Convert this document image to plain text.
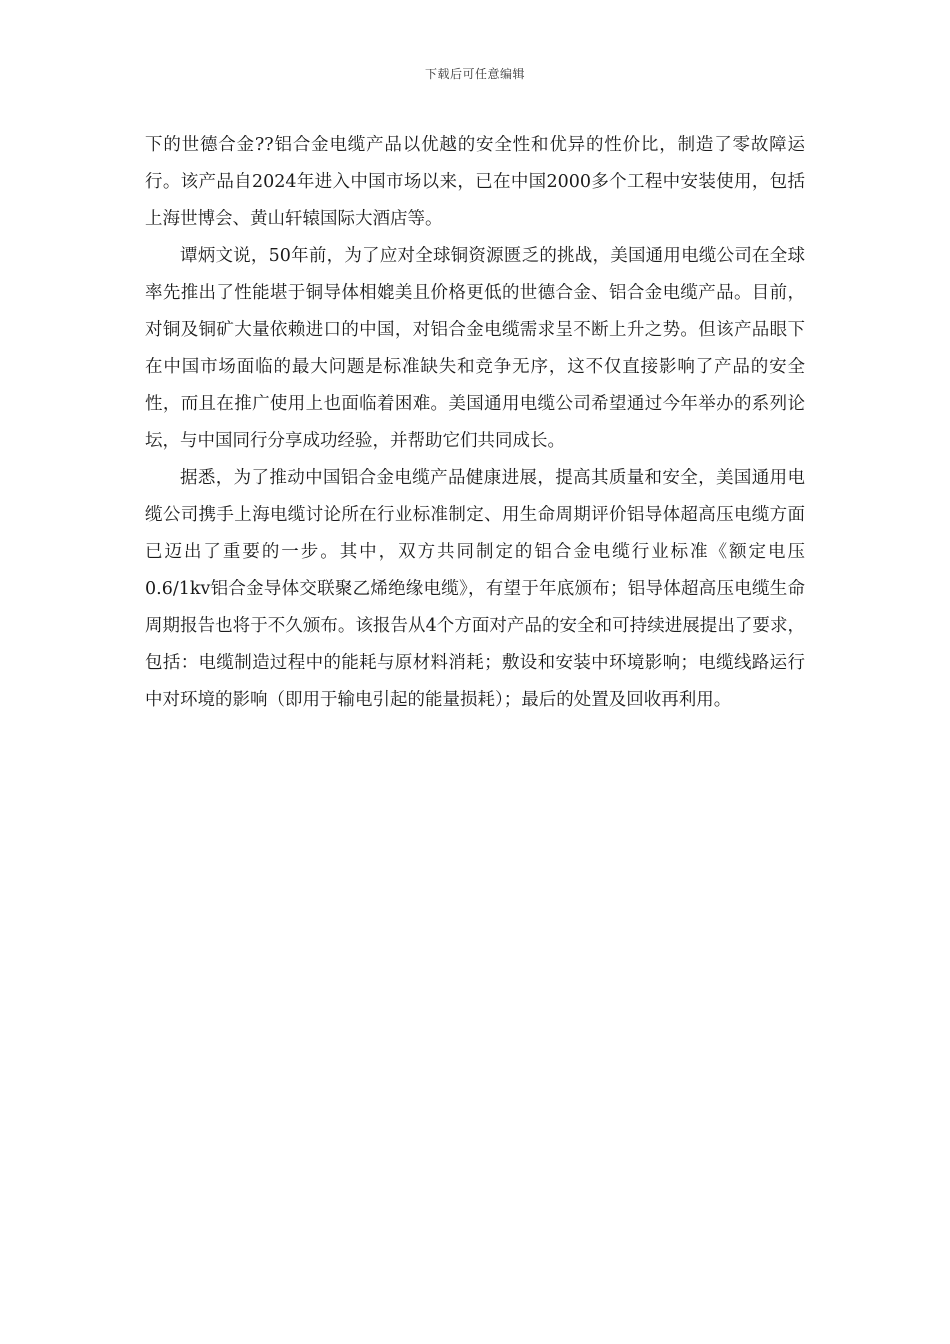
下载后可任意编辑

下的世德合金??铝合金电缆产品以优越的安全性和优异的性价比，制造了零故障运行。该产品自2024年进入中国市场以来，已在中国2000多个工程中安装使用，包括上海世博会、黄山轩辕国际大酒店等。

谭炳文说，50年前，为了应对全球铜资源匮乏的挑战，美国通用电缆公司在全球率先推出了性能堪于铜导体相媲美且价格更低的世德合金、铝合金电缆产品。目前，对铜及铜矿大量依赖进口的中国，对铝合金电缆需求呈不断上升之势。但该产品眼下在中国市场面临的最大问题是标准缺失和竞争无序，这不仅直接影响了产品的安全性，而且在推广使用上也面临着困难。美国通用电缆公司希望通过今年举办的系列论坛，与中国同行分享成功经验，并帮助它们共同成长。

据悉，为了推动中国铝合金电缆产品健康进展，提高其质量和安全，美国通用电缆公司携手上海电缆讨论所在行业标准制定、用生命周期评价铝导体超高压电缆方面已迈出了重要的一步。其中，双方共同制定的铝合金电缆行业标准《额定电压0.6/1kv铝合金导体交联聚乙烯绝缘电缆》，有望于年底颁布；铝导体超高压电缆生命周期报告也将于不久颁布。该报告从4个方面对产品的安全和可持续进展提出了要求，包括：电缆制造过程中的能耗与原材料消耗；敷设和安装中环境影响；电缆线路运行中对环境的影响（即用于输电引起的能量损耗）；最后的处置及回收再利用。
